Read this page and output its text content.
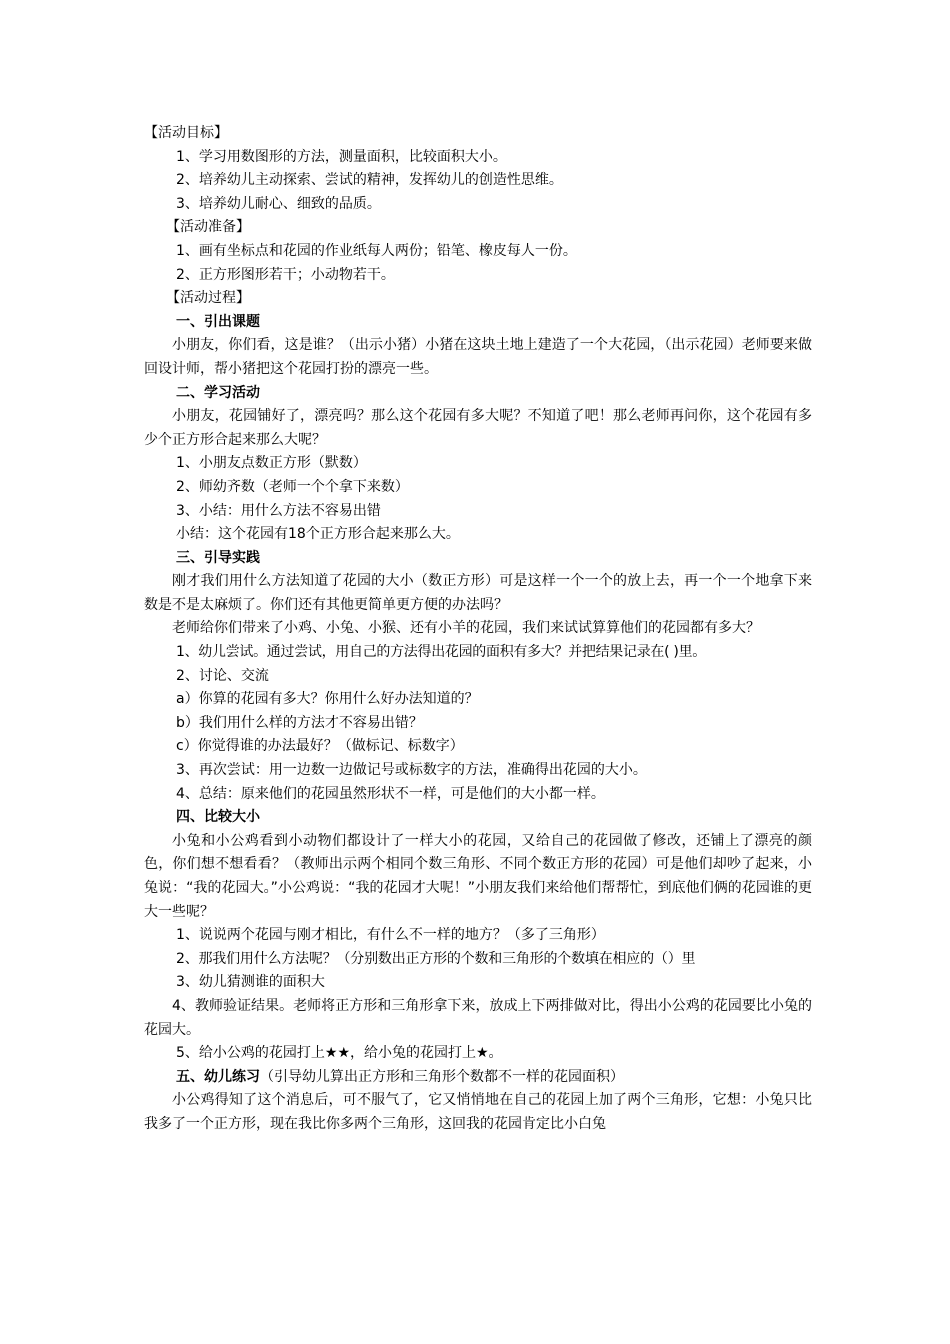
【活动目标】
1、学习用数图形的方法，测量面积，比较面积大小。
2、培养幼儿主动探索、尝试的精神，发挥幼儿的创造性思维。
3、培养幼儿耐心、细致的品质。
【活动准备】
1、画有坐标点和花园的作业纸每人两份；铅笔、橡皮每人一份。
2、正方形图形若干；小动物若干。
【活动过程】
一、引出课题
小朋友，你们看，这是谁？（出示小猪）小猪在这块土地上建造了一个大花园，（出示花园）老师要来做回设计师，帮小猪把这个花园打扮的漂亮一些。
二、学习活动
小朋友，花园铺好了，漂亮吗？那么这个花园有多大呢？不知道了吧！那么老师再问你，这个花园有多少个正方形合起来那么大呢？
1、小朋友点数正方形（默数）
2、师幼齐数（老师一个个拿下来数）
3、小结：用什么方法不容易出错
小结：这个花园有18个正方形合起来那么大。
三、引导实践
刚才我们用什么方法知道了花园的大小（数正方形）可是这样一个一个的放上去，再一个一个地拿下来数是不是太麻烦了。你们还有其他更简单更方便的办法吗？
老师给你们带来了小鸡、小兔、小猴、还有小羊的花园，我们来试试算算他们的花园都有多大？
1、幼儿尝试。通过尝试，用自己的方法得出花园的面积有多大？并把结果记录在( )里。
2、讨论、交流
a）你算的花园有多大？你用什么好办法知道的？
b）我们用什么样的方法才不容易出错？
c）你觉得谁的办法最好？（做标记、标数字）
3、再次尝试：用一边数一边做记号或标数字的方法，准确得出花园的大小。
4、总结：原来他们的花园虽然形状不一样，可是他们的大小都一样。
四、比较大小
小兔和小公鸡看到小动物们都设计了一样大小的花园，又给自己的花园做了修改，还铺上了漂亮的颜色，你们想不想看看？（教师出示两个相同个数三角形、不同个数正方形的花园）可是他们却吵了起来，小兔说：“我的花园大。”小公鸡说：“我的花园才大呢！”小朋友我们来给他们帮帮忙，到底他们俩的花园谁的更大一些呢？
1、说说两个花园与刚才相比，有什么不一样的地方？（多了三角形）
2、那我们用什么方法呢？（分别数出正方形的个数和三角形的个数填在相应的（）里
3、幼儿猜测谁的面积大
4、教师验证结果。老师将正方形和三角形拿下来，放成上下两排做对比，得出小公鸡的花园要比小兔的花园大。
5、给小公鸡的花园打上★★，给小兔的花园打上★。
五、幼儿练习（引导幼儿算出正方形和三角形个数都不一样的花园面积）
小公鸡得知了这个消息后，可不服气了，它又悄悄地在自己的花园上加了两个三角形，它想：小兔只比我多了一个正方形，现在我比你多两个三角形，这回我的花园肯定比小白兔
